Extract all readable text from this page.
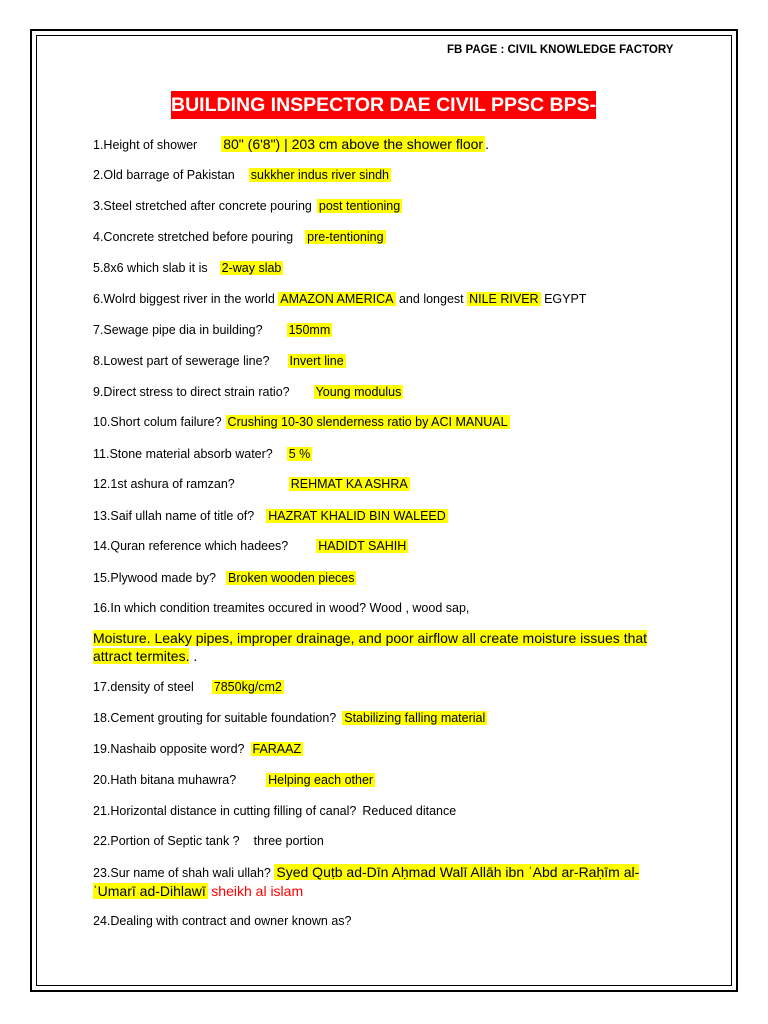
FB PAGE : CIVIL KNOWLEDGE FACTORY
BUILDING INSPECTOR DAE CIVIL PPSC BPS-14
1.Height of shower 80" (6'8") | 203 cm above the shower floor .
2.Old barrage of Pakistan sukkher indus river sindh
3.Steel stretched after concrete pouring post tentioning
4.Concrete stretched before pouring pre-tentioning
5.8x6 which slab it is 2-way slab
6.Wolrd biggest river in the world AMAZON AMERICA and longest NILE RIVER EGYPT
7.Sewage pipe dia in building? 150mm
8.Lowest part of sewerage line? Invert line
9.Direct stress to direct strain ratio? Young modulus
10.Short colum failure? Crushing 10-30 slenderness ratio by ACI MANUAL
11.Stone material absorb water? 5 %
12.1st ashura of ramzan?	REHMAT KA ASHRA
13.Saif ullah name of title of? HAZRAT KHALID BIN WALEED
14.Quran reference which hadees? HADIDT SAHIH
15.Plywood made by? Broken wooden pieces
16.In which condition treamites occured in wood? Wood , wood sap,
Moisture. Leaky pipes, improper drainage, and poor airflow all create moisture issues that attract termites. .
17.density of steel 7850kg/cm2
18.Cement grouting for suitable foundation? Stabilizing falling material
19.Nashaib opposite word? FARAAZ
20.Hath bitana muhawra?	Helping each other
21.Horizontal distance in cutting filling of canal? Reduced ditance
22.Portion of Septic tank ? three portion
23.Sur name of shah wali ullah? Syed Quṭb ad-Dīn Aḥmad Walī Allāh ibn ʿAbd ar-Raḥīm al-ʿUmarī ad-Dihlawī sheikh al islam
24.Dealing with contract and owner known as?
